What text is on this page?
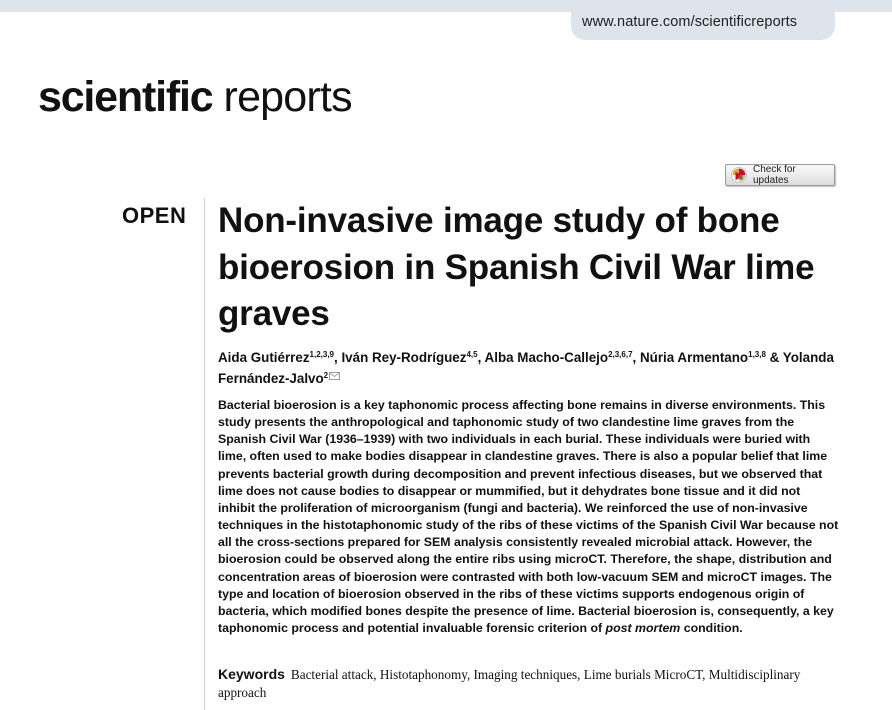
www.nature.com/scientificreports
scientific reports
Check for updates
OPEN Non-invasive image study of bone bioerosion in Spanish Civil War lime graves
Aida Gutiérrez$^{1,2,3,9}$, Iván Rey-Rodríguez$^{4,5}$, Alba Macho-Callejo$^{2,3,6,7}$, Núria Armentano$^{1,3,8}$ & Yolanda Fernández-Jalvo$^2$

Bacterial bioerosion is a key taphonomic process affecting bone remains in diverse environments. This study presents the anthropological and taphonomic study of two clandestine lime graves from the Spanish Civil War (1936–1939) with two individuals in each burial. These individuals were buried with lime, often used to make bodies disappear in clandestine graves. There is also a popular belief that lime prevents bacterial growth during decomposition and prevent infectious diseases, but we observed that lime does not cause bodies to disappear or mummified, but it dehydrates bone tissue and it did not inhibit the proliferation of microorganism (fungi and bacteria). We reinforced the use of non-invasive techniques in the histotaphonomic study of the ribs of these victims of the Spanish Civil War because not all the cross-sections prepared for SEM analysis consistently revealed microbial attack. However, the bioerosion could be observed along the entire ribs using microCT. Therefore, the shape, distribution and concentration areas of bioerosion were contrasted with both low-vacuum SEM and microCT images. The type and location of bioerosion observed in the ribs of these victims supports endogenous origin of bacteria, which modified bones despite the presence of lime. Bacterial bioerosion is, consequently, a key taphonomic process and potential invaluable forensic criterion of post mortem condition.

Keywords Bacterial attack, Histotaphonomy, Imaging techniques, Lime burials MicroCT, Multidisciplinary approach
